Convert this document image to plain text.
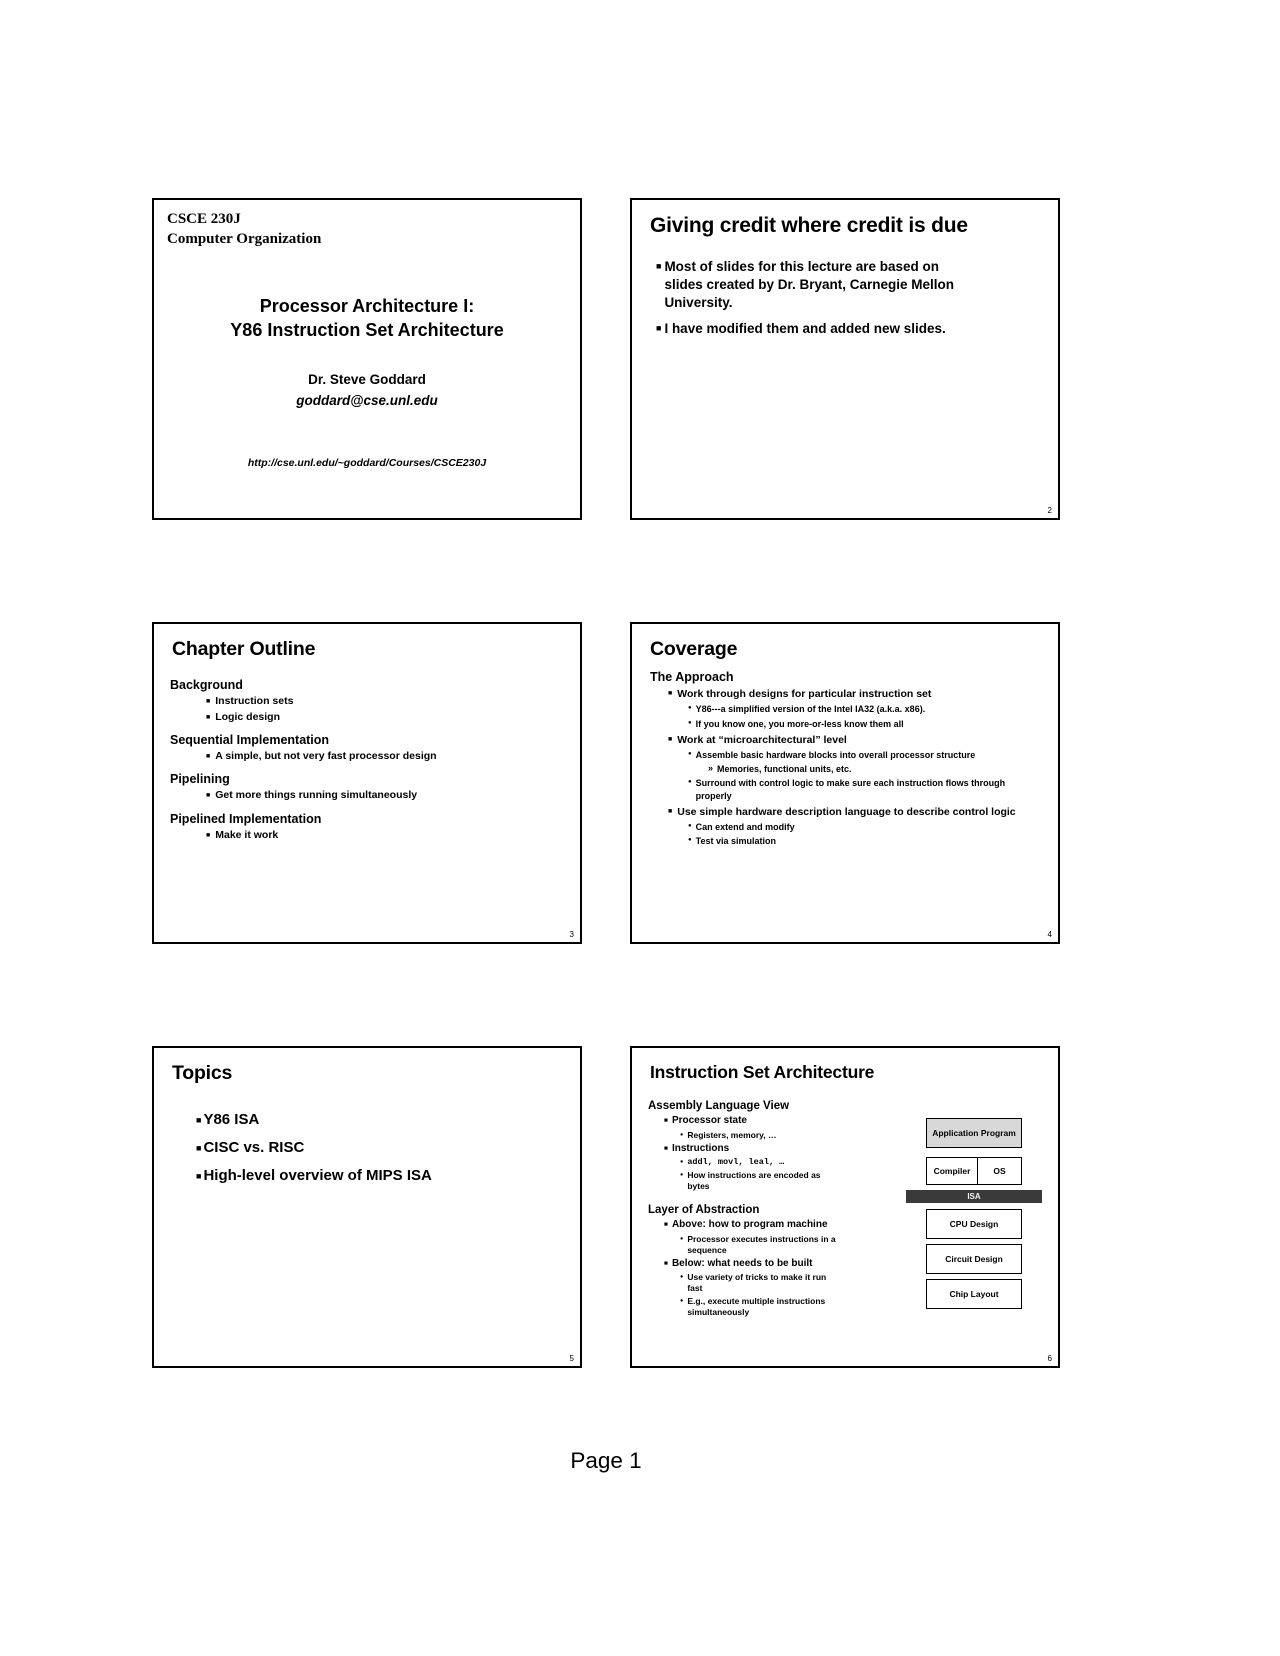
CSCE 230J
Computer Organization
Processor Architecture I:
Y86 Instruction Set Architecture
Dr. Steve Goddard
goddard@cse.unl.edu
http://cse.unl.edu/~goddard/Courses/CSCE230J
Giving credit where credit is due
■
Most of slides for this lecture are based on slides created by Dr. Bryant, Carnegie Mellon University.
■
I have modified them and added new slides.
2
Chapter Outline
Background
■
Instruction sets
■
Logic design
Sequential Implementation
■
A simple, but not very fast processor design
Pipelining
■
Get more things running simultaneously
Pipelined Implementation
■
Make it work
3
Coverage
The Approach
■
Work through designs for particular instruction set
●
Y86---a simplified version of the Intel IA32 (a.k.a. x86).
●
If you know one, you more-or-less know them all
■
Work at “microarchitectural” level
●
Assemble basic hardware blocks into overall processor structure
»
Memories, functional units, etc.
●
Surround with control logic to make sure each instruction flows through properly
■
Use simple hardware description language to describe control logic
●
Can extend and modify
●
Test via simulation
4
Topics
■
Y86 ISA
■
CISC vs. RISC
■
High-level overview of MIPS ISA
5
Instruction Set Architecture
Assembly Language View
■
Processor state
●
Registers, memory, …
■
Instructions
●
addl, movl, leal, …
●
How instructions are encoded as bytes
Layer of Abstraction
■
Above: how to program machine
●
Processor executes instructions in a sequence
■
Below: what needs to be built
●
Use variety of tricks to make it run fast
●
E.g., execute multiple instructions simultaneously
Application Program
Compiler	OS
ISA
CPU Design
Circuit Design
Chip Layout
6
Page 1
